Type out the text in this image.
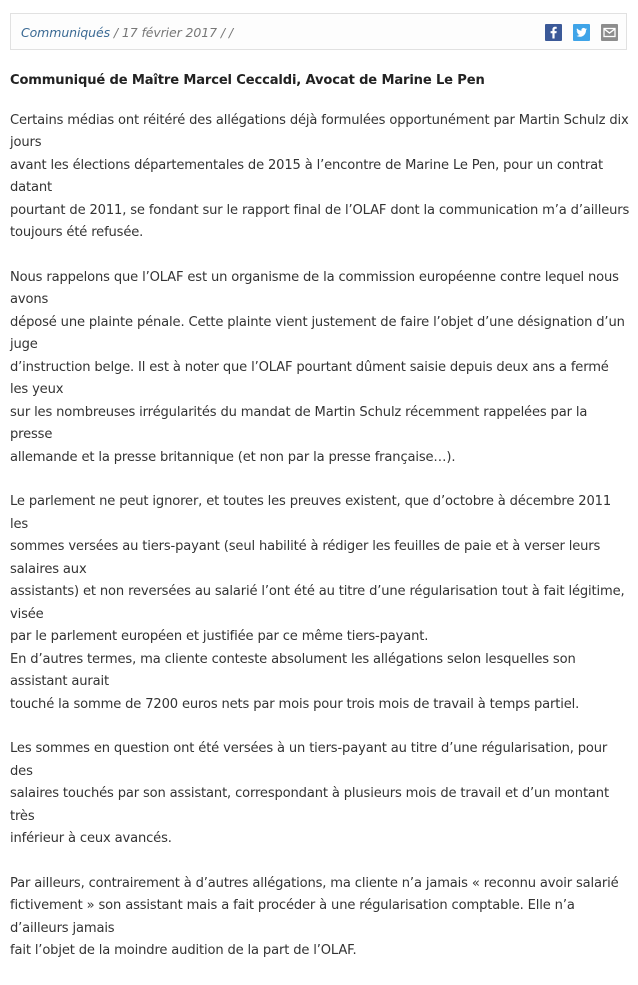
Communiqués / 17 février 2017 / /
Communiqué de Maître Marcel Ceccaldi, Avocat de Marine Le Pen

Certains médias ont réitéré des allégations déjà formulées opportunément par Martin Schulz dix jours
avant les élections départementales de 2015 à l’encontre de Marine Le Pen, pour un contrat datant
pourtant de 2011, se fondant sur le rapport final de l’OLAF dont la communication m’a d’ailleurs
toujours été refusée.

Nous rappelons que l’OLAF est un organisme de la commission européenne contre lequel nous avons
déposé une plainte pénale. Cette plainte vient justement de faire l’objet d’une désignation d’un juge
d’instruction belge. Il est à noter que l’OLAF pourtant dûment saisie depuis deux ans a fermé les yeux
sur les nombreuses irrégularités du mandat de Martin Schulz récemment rappelées par la presse
allemande et la presse britannique (et non par la presse française…).

Le parlement ne peut ignorer, et toutes les preuves existent, que d’octobre à décembre 2011 les
sommes versées au tiers-payant (seul habilité à rédiger les feuilles de paie et à verser leurs salaires aux
assistants) et non reversées au salarié l’ont été au titre d’une régularisation tout à fait légitime, visée
par le parlement européen et justifiée par ce même tiers-payant.
En d’autres termes, ma cliente conteste absolument les allégations selon lesquelles son assistant aurait
touché la somme de 7200 euros nets par mois pour trois mois de travail à temps partiel.

Les sommes en question ont été versées à un tiers-payant au titre d’une régularisation, pour des
salaires touchés par son assistant, correspondant à plusieurs mois de travail et d’un montant très
inférieur à ceux avancés.

Par ailleurs, contrairement à d’autres allégations, ma cliente n’a jamais « reconnu avoir salarié
fictivement » son assistant mais a fait procéder à une régularisation comptable. Elle n’a d’ailleurs jamais
fait l’objet de la moindre audition de la part de l’OLAF.
